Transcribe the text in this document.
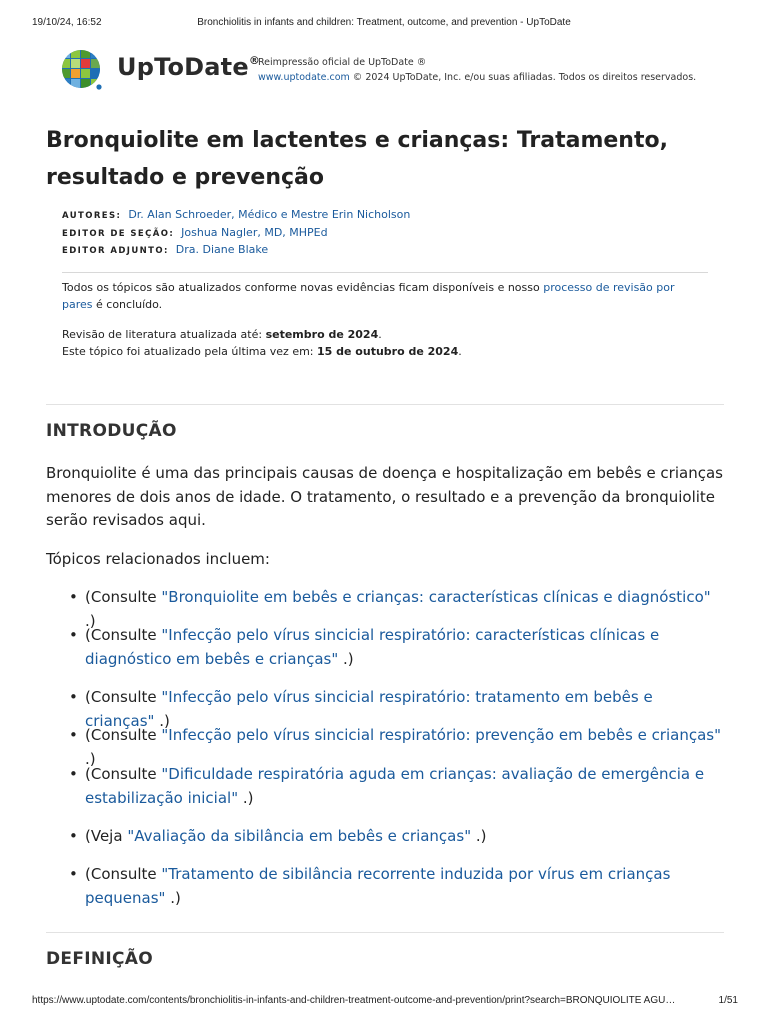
19/10/24, 16:52	Bronchiolitis in infants and children: Treatment, outcome, and prevention - UpToDate
UpToDate®
Reimpressão oficial de UpToDate ®
www.uptodate.com © 2024 UpToDate, Inc. e/ou suas afiliadas. Todos os direitos reservados.
Bronquiolite em lactentes e crianças: Tratamento, resultado e prevenção
AUTORES: Dr. Alan Schroeder, Médico e Mestre Erin Nicholson
EDITOR DE SEÇÃO: Joshua Nagler, MD, MHPEd
EDITOR ADJUNTO: Dra. Diane Blake
Todos os tópicos são atualizados conforme novas evidências ficam disponíveis e nosso processo de revisão por pares é concluído.
Revisão de literatura atualizada até: setembro de 2024.
Este tópico foi atualizado pela última vez em: 15 de outubro de 2024.
INTRODUÇÃO

Bronquiolite é uma das principais causas de doença e hospitalização em bebês e crianças menores de dois anos de idade. O tratamento, o resultado e a prevenção da bronquiolite serão revisados aqui.

Tópicos relacionados incluem:

• (Consulte "Bronquiolite em bebês e crianças: características clínicas e diagnóstico" .)
• (Consulte "Infecção pelo vírus sincicial respiratório: características clínicas e diagnóstico em bebês e crianças" .)
• (Consulte "Infecção pelo vírus sincicial respiratório: tratamento em bebês e crianças" .)
• (Consulte "Infecção pelo vírus sincicial respiratório: prevenção em bebês e crianças" .)
• (Consulte "Dificuldade respiratória aguda em crianças: avaliação de emergência e estabilização inicial" .)
• (Veja "Avaliação da sibilância em bebês e crianças" .)
• (Consulte "Tratamento de sibilância recorrente induzida por vírus em crianças pequenas" .)
DEFINIÇÃO
https://www.uptodate.com/contents/bronchiolitis-in-infants-and-children-treatment-outcome-and-prevention/print?search=BRONQUIOLITE AGU…	1/51
